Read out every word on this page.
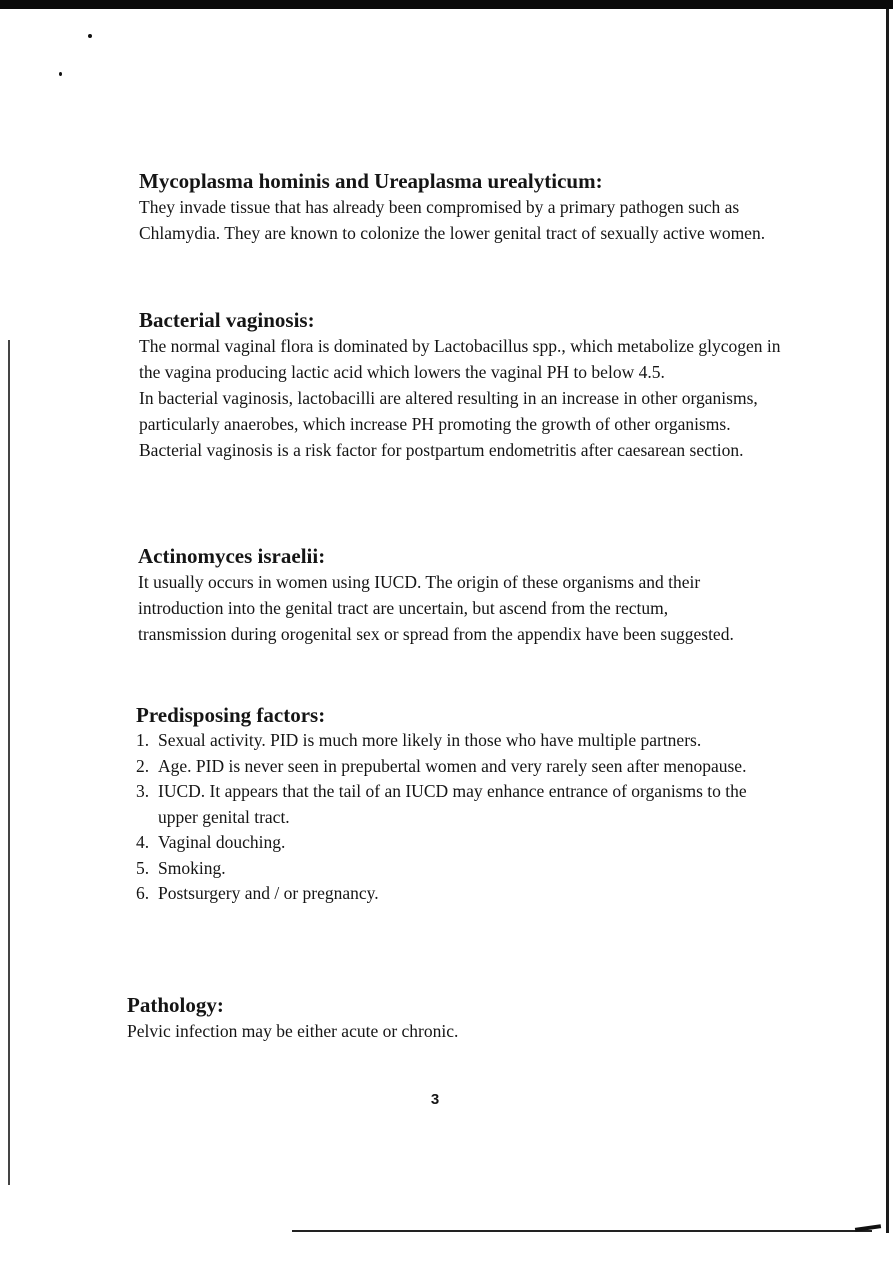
Mycoplasma hominis and Ureaplasma urealyticum:

They invade tissue that has already been compromised by a primary pathogen such as Chlamydia. They are known to colonize the lower genital tract of sexually active women.

Bacterial vaginosis:

The normal vaginal flora is dominated by Lactobacillus spp., which metabolize glycogen in the vagina producing lactic acid which lowers the vaginal PH to below 4.5.

In bacterial vaginosis, lactobacilli are altered resulting in an increase in other organisms, particularly anaerobes, which increase PH promoting the growth of other organisms. Bacterial vaginosis is a risk factor for postpartum endometritis after caesarean section.

Actinomyces israelii:

It usually occurs in women using IUCD. The origin of these organisms and their introduction into the genital tract are uncertain, but ascend from the rectum, transmission during orogenital sex or spread from the appendix have been suggested.

Predisposing factors:
1. Sexual activity. PID is much more likely in those who have multiple partners.
2. Age. PID is never seen in prepubertal women and very rarely seen after menopause.
3. IUCD. It appears that the tail of an IUCD may enhance entrance of organisms to the upper genital tract.
4. Vaginal douching.
5. Smoking.
6. Postsurgery and / or pregnancy.
Pathology:

Pelvic infection may be either acute or chronic.

3
